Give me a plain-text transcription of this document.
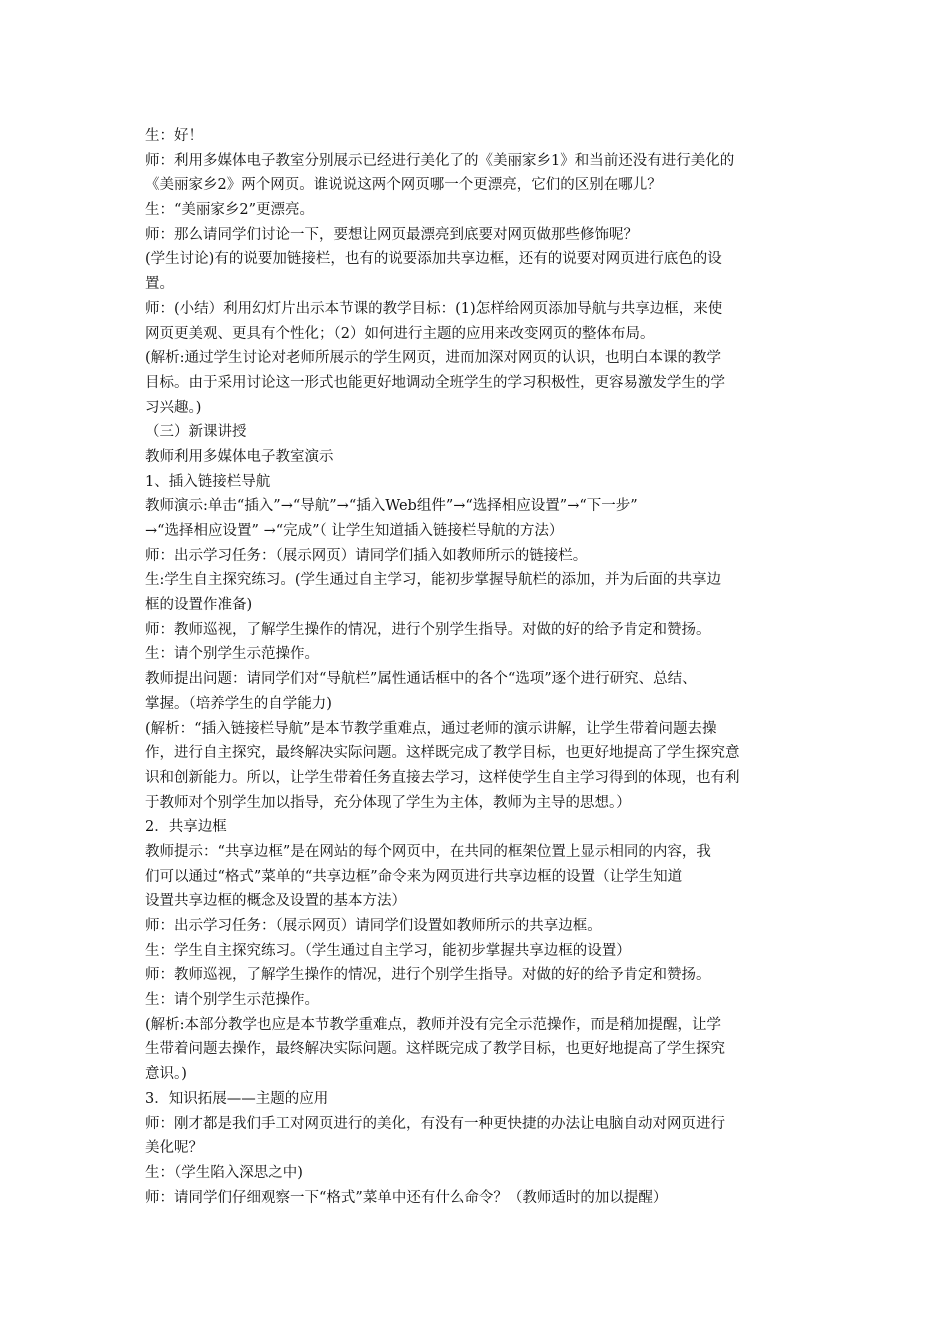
生：好！
师：利用多媒体电子教室分别展示已经进行美化了的《美丽家乡1》和当前还没有进行美化的
《美丽家乡2》两个网页。谁说说这两个网页哪一个更漂亮，它们的区别在哪儿？
生：“美丽家乡2”更漂亮。
师：那么请同学们讨论一下，要想让网页最漂亮到底要对网页做那些修饰呢？
(学生讨论)有的说要加链接栏，也有的说要添加共享边框，还有的说要对网页进行底色的设
置。
师：(小结）利用幻灯片出示本节课的教学目标：(1)怎样给网页添加导航与共享边框，来使
网页更美观、更具有个性化；（2）如何进行主题的应用来改变网页的整体布局。
(解析:通过学生讨论对老师所展示的学生网页，进而加深对网页的认识，也明白本课的教学
目标。由于采用讨论这一形式也能更好地调动全班学生的学习积极性，更容易激发学生的学
习兴趣。)
（三）新课讲授
教师利用多媒体电子教室演示
1、插入链接栏导航
教师演示:单击“插入”→“导航”→“插入Web组件”→“选择相应设置”→“下一步”
→“选择相应设置” →“完成”（ 让学生知道插入链接栏导航的方法）
师：出示学习任务：（展示网页）请同学们插入如教师所示的链接栏。
生:学生自主探究练习。(学生通过自主学习，能初步掌握导航栏的添加，并为后面的共享边
框的设置作准备)
师：教师巡视，了解学生操作的情况，进行个别学生指导。对做的好的给予肯定和赞扬。
生：请个别学生示范操作。
教师提出问题：请同学们对“导航栏”属性通话框中的各个“选项”逐个进行研究、总结、
掌握。（培养学生的自学能力)
(解析：“插入链接栏导航”是本节教学重难点，通过老师的演示讲解，让学生带着问题去操
作，进行自主探究，最终解决实际问题。这样既完成了教学目标，也更好地提高了学生探究意
识和创新能力。所以，让学生带着任务直接去学习，这样使学生自主学习得到的体现，也有利
于教师对个别学生加以指导，充分体现了学生为主体，教师为主导的思想。）
2．共享边框
教师提示：“共享边框”是在网站的每个网页中，在共同的框架位置上显示相同的内容，我
们可以通过“格式”菜单的“共享边框”命令来为网页进行共享边框的设置（让学生知道
设置共享边框的概念及设置的基本方法）
师：出示学习任务：（展示网页）请同学们设置如教师所示的共享边框。
生：学生自主探究练习。（学生通过自主学习，能初步掌握共享边框的设置）
师：教师巡视，了解学生操作的情况，进行个别学生指导。对做的好的给予肯定和赞扬。
生：请个别学生示范操作。
(解析:本部分教学也应是本节教学重难点，教师并没有完全示范操作，而是稍加提醒，让学
生带着问题去操作，最终解决实际问题。这样既完成了教学目标，也更好地提高了学生探究
意识。)
3．知识拓展——主题的应用
师：刚才都是我们手工对网页进行的美化，有没有一种更快捷的办法让电脑自动对网页进行
美化呢？
生：（学生陷入深思之中)
师：请同学们仔细观察一下“格式”菜单中还有什么命令？（教师适时的加以提醒）
